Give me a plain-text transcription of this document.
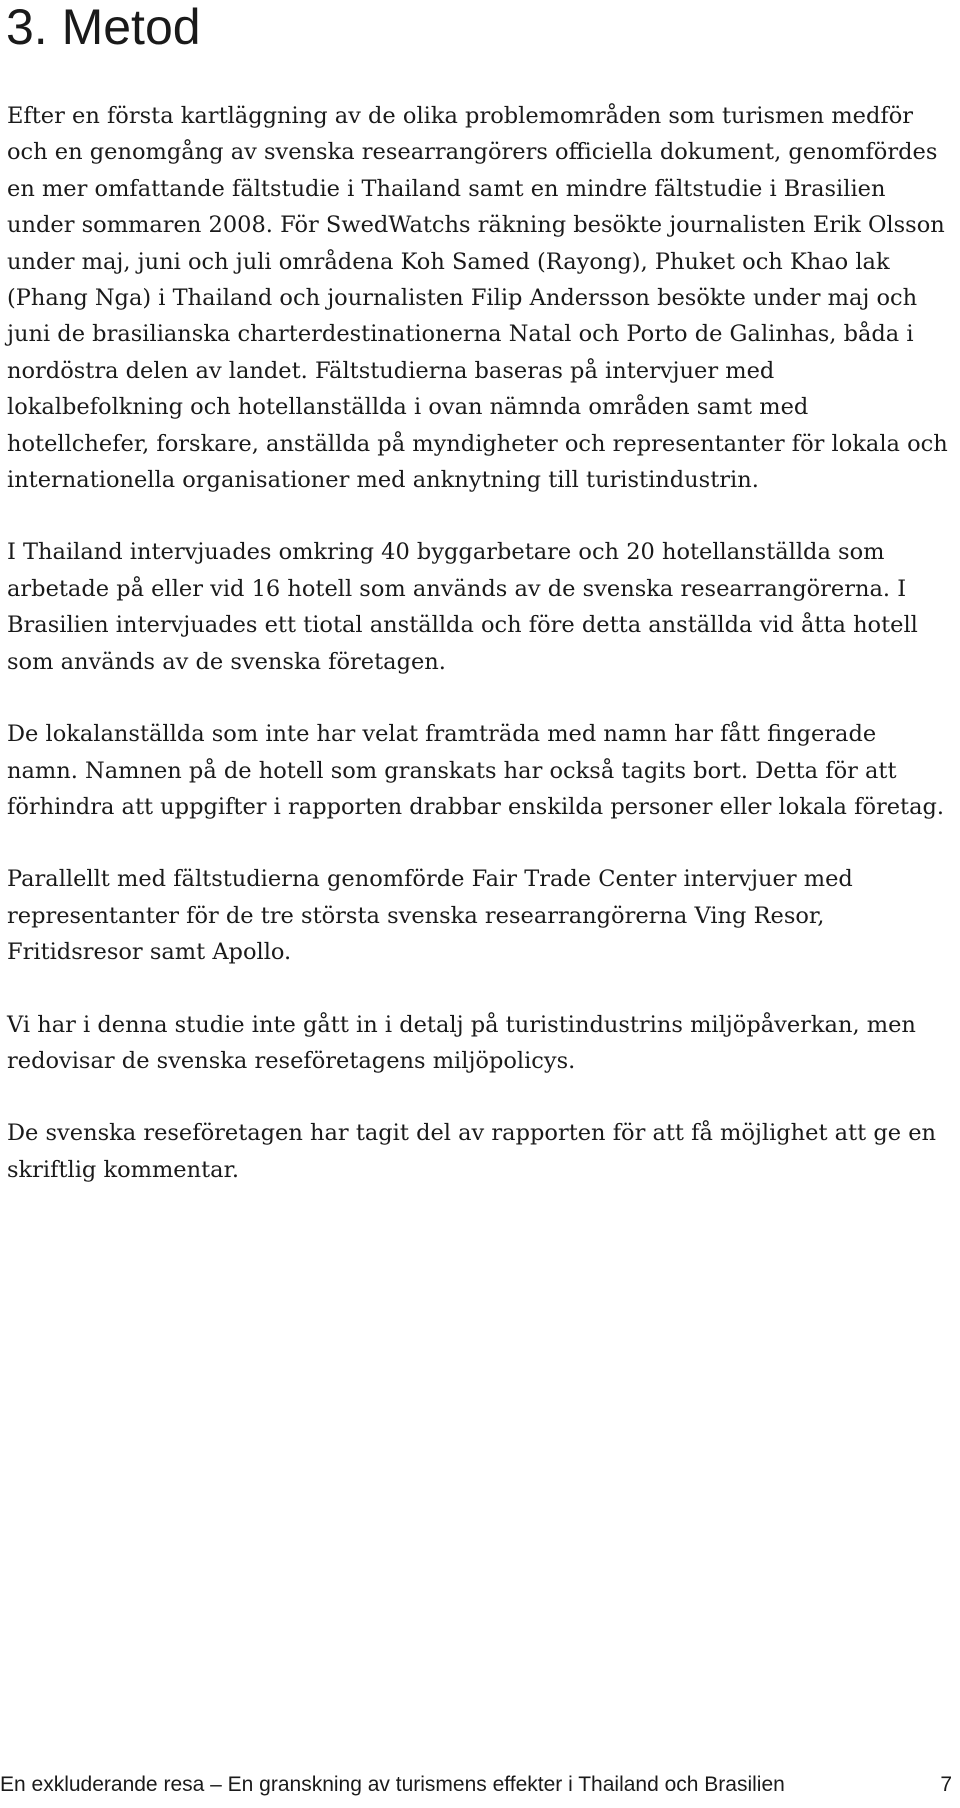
3. Metod

Efter en första kartläggning av de olika problemområden som turismen medför och en genomgång av svenska researrangörers officiella dokument, genomfördes en mer omfattande fältstudie i Thailand samt en mindre fältstudie i Brasilien under sommaren 2008. För SwedWatchs räkning besökte journalisten Erik Olsson under maj, juni och juli områdena Koh Samed (Rayong), Phuket och Khao lak (Phang Nga) i Thailand och journalisten Filip Andersson besökte under maj och juni de brasilianska charterdestinationerna Natal och Porto de Galinhas, båda i nordöstra delen av landet. Fältstudierna baseras på intervjuer med lokalbefolkning och hotellanställda i ovan nämnda områden samt med hotellchefer, forskare, anställda på myndigheter och representanter för lokala och internationella organisationer med anknytning till turistindustrin.

I Thailand intervjuades omkring 40 byggarbetare och 20 hotellanställda som arbetade på eller vid 16 hotell som används av de svenska researrangörerna. I Brasilien intervjuades ett tiotal anställda och före detta anställda vid åtta hotell som används av de svenska företagen.

De lokalanställda som inte har velat framträda med namn har fått fingerade namn. Namnen på de hotell som granskats har också tagits bort. Detta för att förhindra att uppgifter i rapporten drabbar enskilda personer eller lokala företag.

Parallellt med fältstudierna genomförde Fair Trade Center intervjuer med representanter för de tre största svenska researrangörerna Ving Resor, Fritidsresor samt Apollo.

Vi har i denna studie inte gått in i detalj på turistindustrins miljöpåverkan, men redovisar de svenska reseföretagens miljöpolicys.

De svenska reseföretagen har tagit del av rapporten för att få möjlighet att ge en skriftlig kommentar.

En exkluderande resa – En granskning av turismens effekter i Thailand och Brasilien	7
